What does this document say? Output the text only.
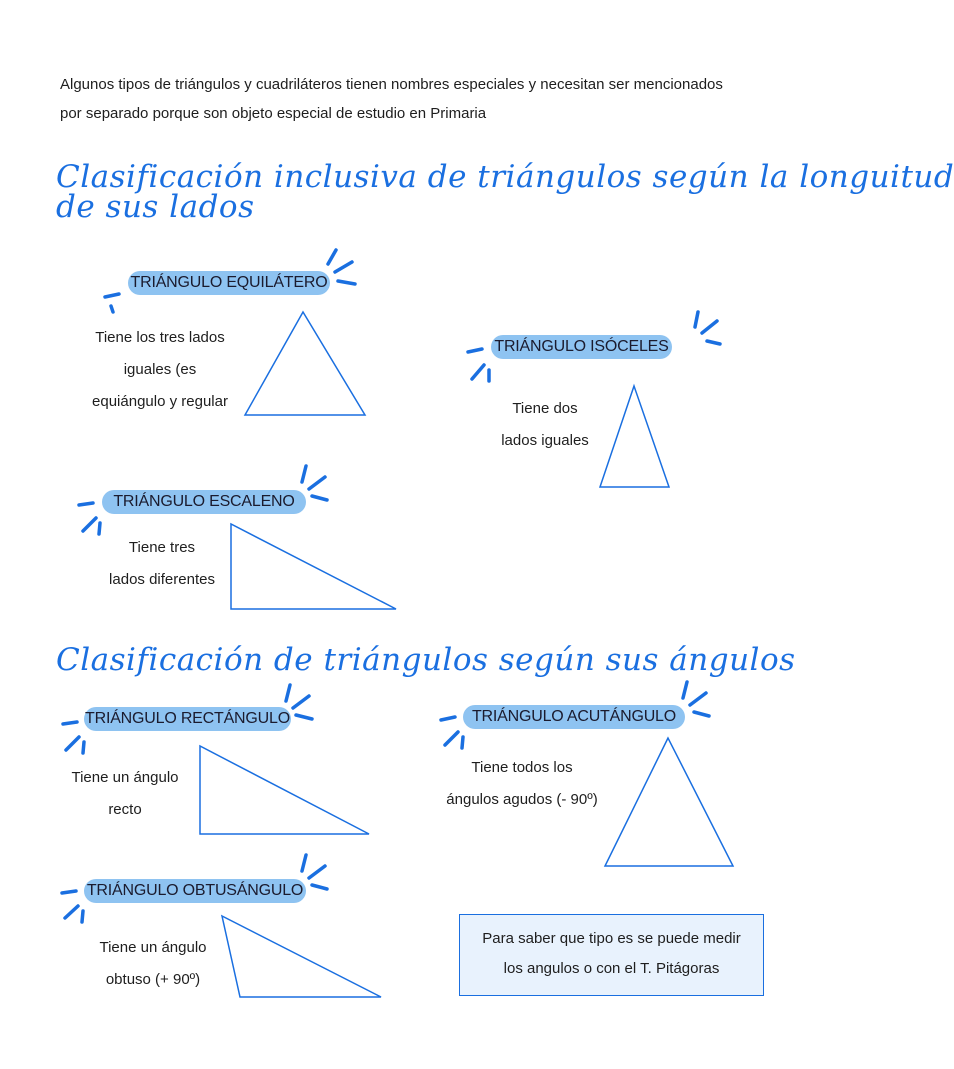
Algunos tipos de triángulos y cuadriláteros tienen nombres especiales y necesitan ser mencionados
por separado porque son objeto especial de estudio en Primaria
Clasificación inclusiva de triángulos según la longuitud
de sus lados
TRIÁNGULO EQUILÁTERO
Tiene los tres lados
iguales (es
equiángulo y regular
TRIÁNGULO ISÓCELES
Tiene dos
lados iguales
TRIÁNGULO ESCALENO
Tiene tres
lados diferentes
Clasificación de triángulos según sus ángulos
TRIÁNGULO RECTÁNGULO
Tiene un ángulo
recto
TRIÁNGULO ACUTÁNGULO
Tiene todos los
ángulos agudos (- 90º)
TRIÁNGULO OBTUSÁNGULO
Tiene un ángulo
obtuso (+ 90º)
Para saber que tipo es se puede medir
los angulos o con el T. Pitágoras
